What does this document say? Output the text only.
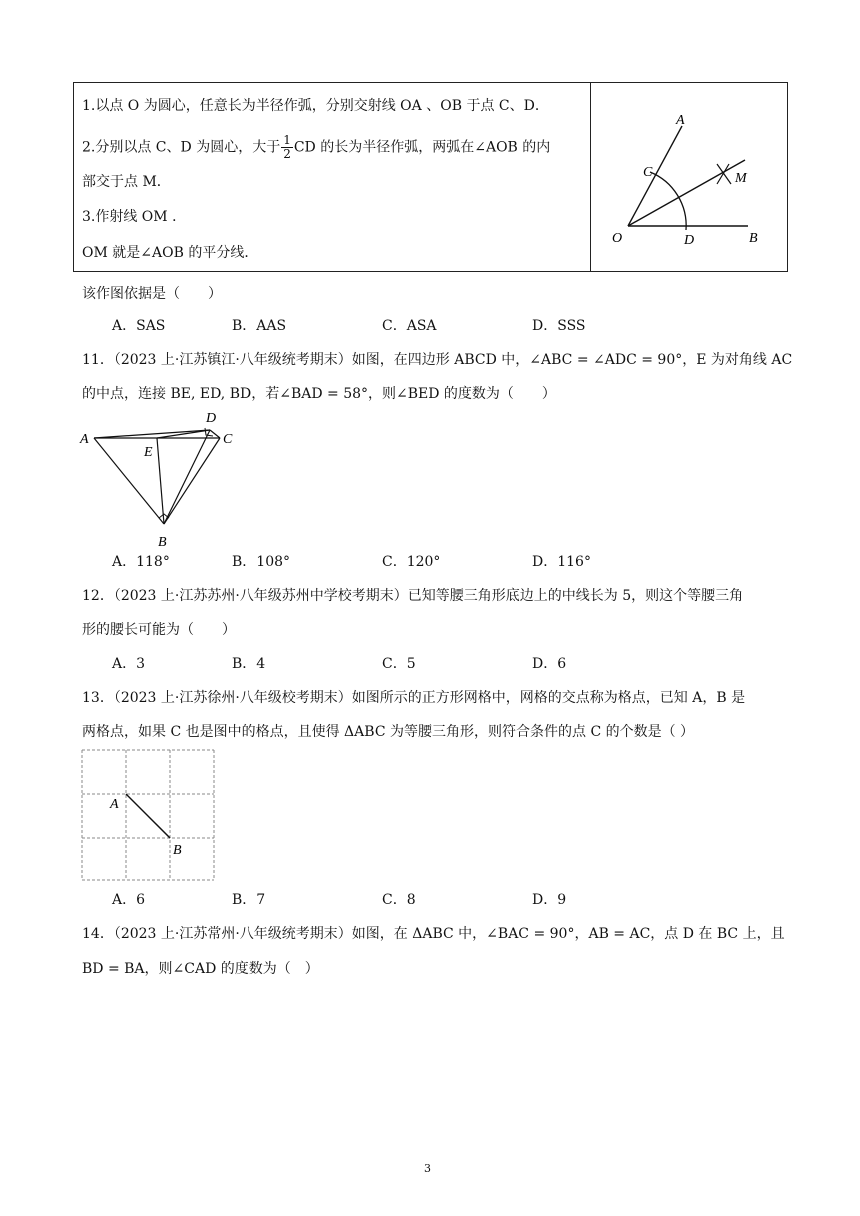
1.以点 O 为圆心，任意长为半径作弧，分别交射线 OA 、OB 于点 C、D．
2.分别以点 C、D 为圆心，大于 $\frac{1}{2}$ CD 的长为半径作弧，两弧在∠AOB 的内
部交于点 M．
3.作射线 OM ．
OM 就是∠AOB 的平分线．
A
C	M
O	D	B
该作图依据是（　　）
A．SAS	B．AAS	C．ASA	D．SSS
11．（2023 上·江苏镇江·八年级统考期末）如图，在四边形 ABCD 中，∠ABC = ∠ADC = 90°，E 为对角线 AC
的中点，连接 BE, ED, BD，若∠BAD = 58°，则∠BED 的度数为（　　）
A
D
C
E
B
A．118°	B．108°	C．120°	D．116°
12．（2023 上·江苏苏州·八年级苏州中学校考期末）已知等腰三角形底边上的中线长为 5，则这个等腰三角
形的腰长可能为（　　）
A．3	B．4	C．5	D．6
13．（2023 上·江苏徐州·八年级校考期末）如图所示的正方形网格中，网格的交点称为格点，已知 A，B 是
两格点，如果 C 也是图中的格点，且使得 ΔABC 为等腰三角形，则符合条件的点 C 的个数是（ ）
A
B
A．6	B．7	C．8	D．9
14．（2023 上·江苏常州·八年级统考期末）如图，在 ΔABC 中，∠BAC = 90°，AB = AC，点 D 在 BC 上，且
BD = BA，则∠CAD 的度数为（　）
3
